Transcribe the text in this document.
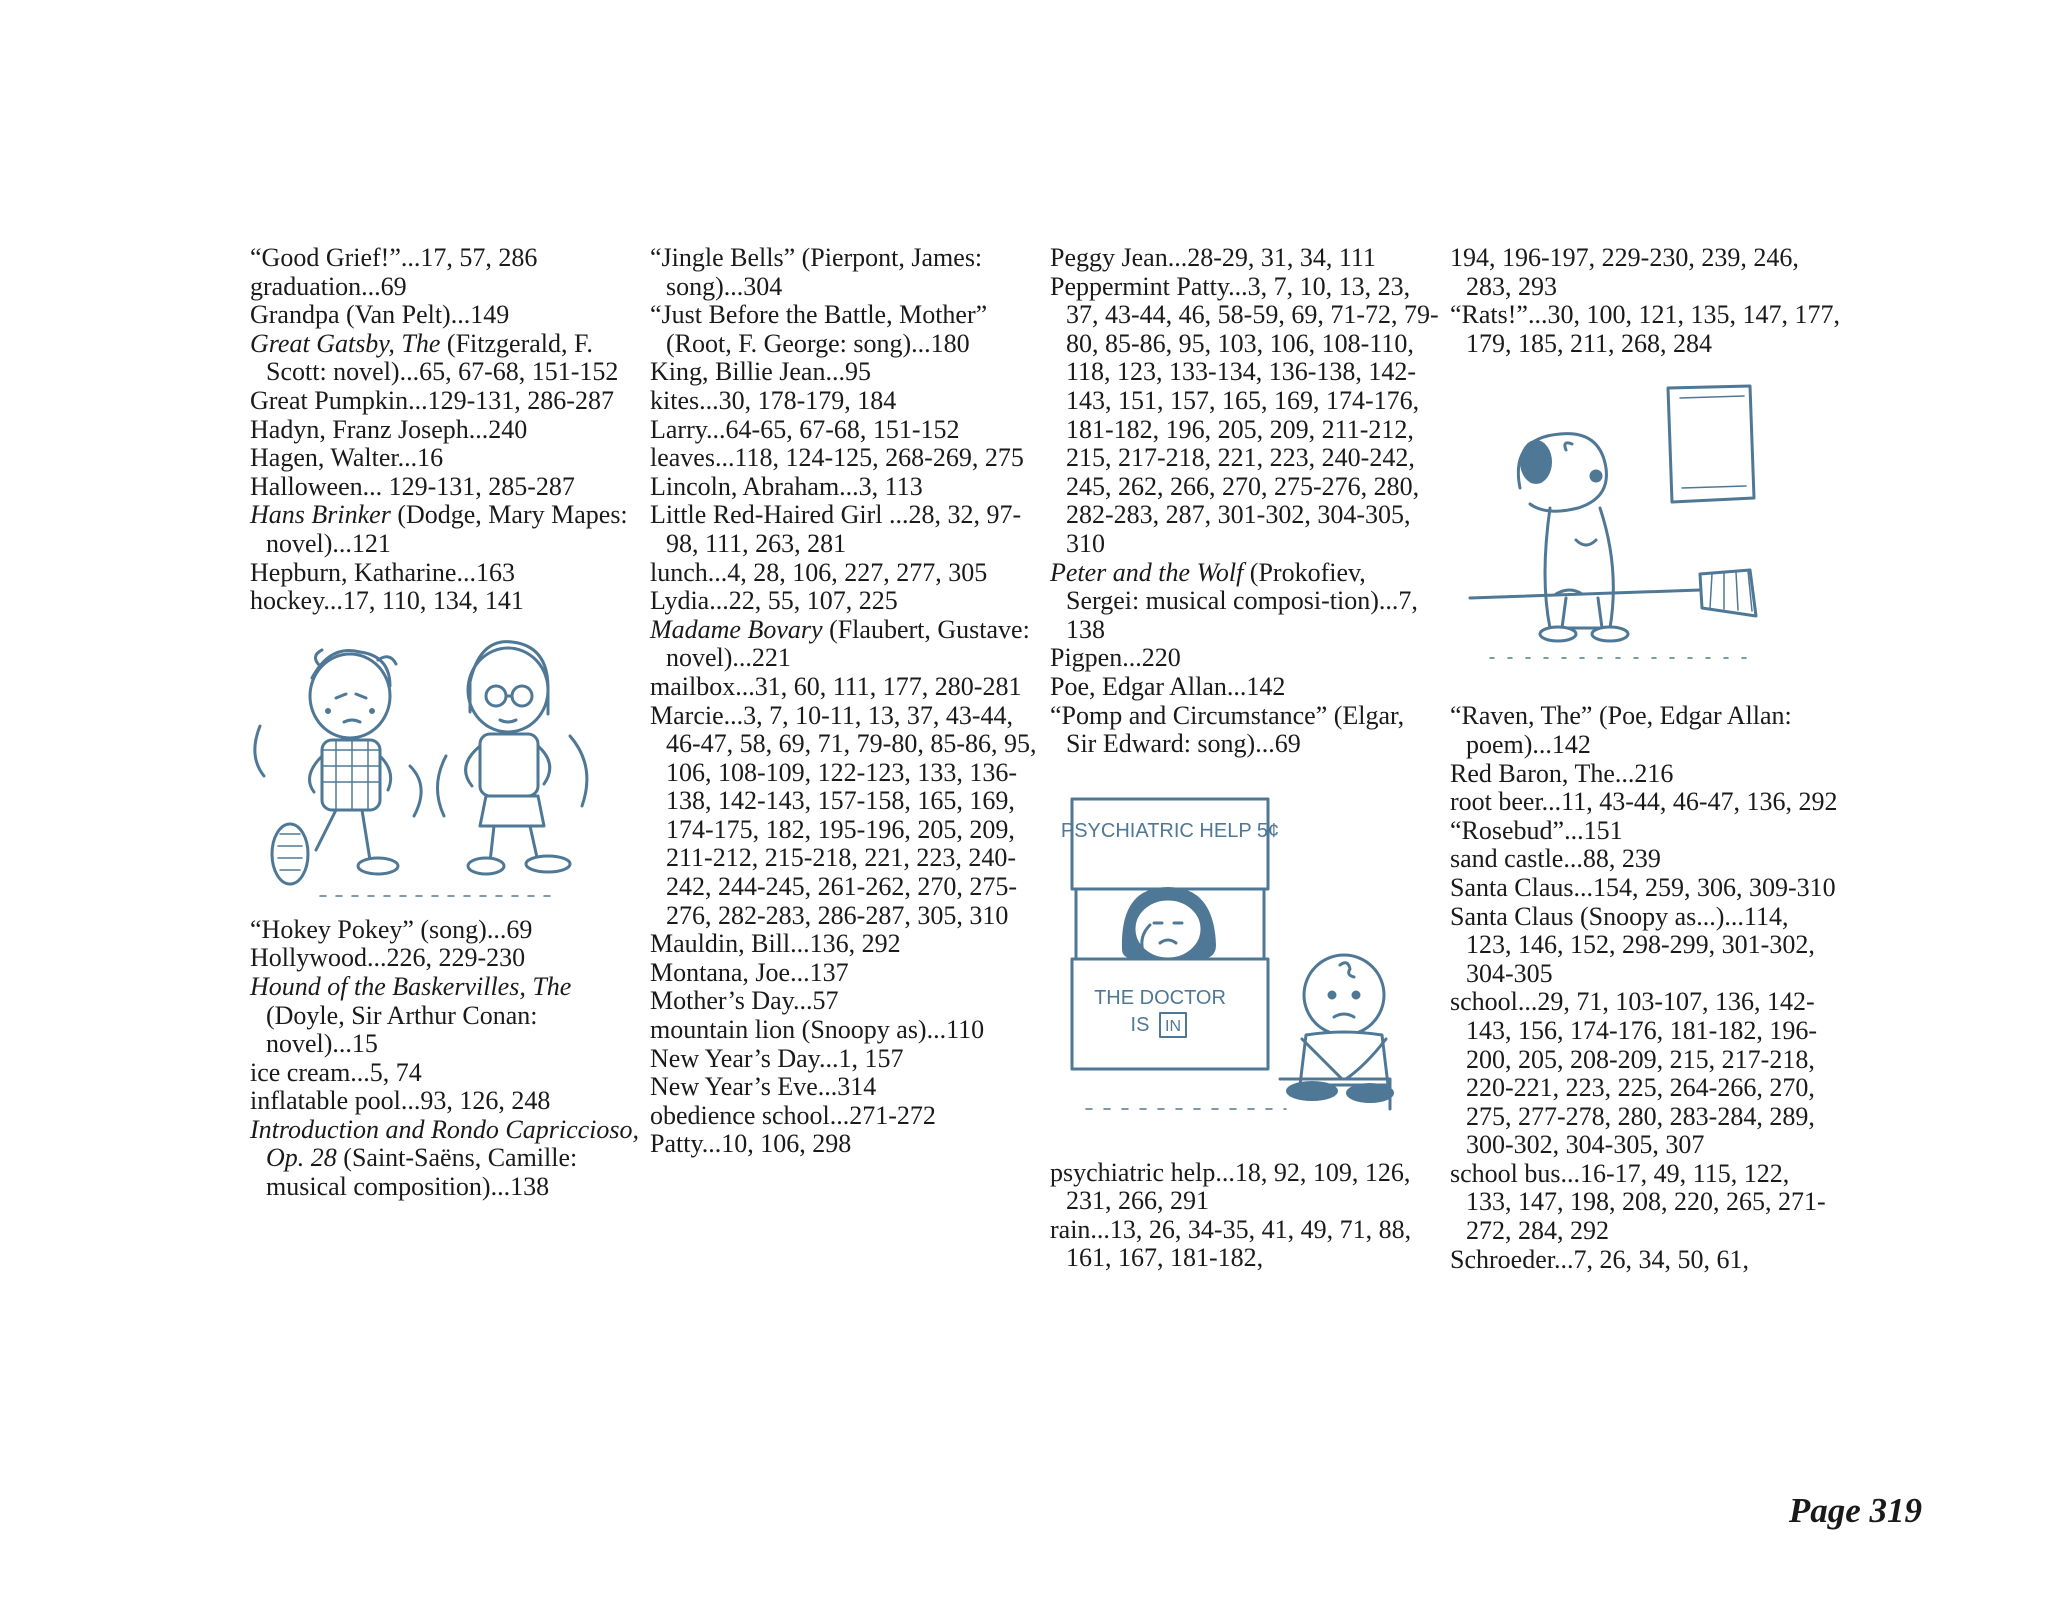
“Good Grief!”...17, 57, 286

graduation...69

Grandpa (Van Pelt)...149

Great Gatsby, The (Fitzgerald, F. Scott: novel)...65, 67-68, 151-152

Great Pumpkin...129-131, 286-287

Hadyn, Franz Joseph...240

Hagen, Walter...16

Halloween... 129-131, 285-287

Hans Brinker (Dodge, Mary Mapes: novel)...121

Hepburn, Katharine...163

hockey...17, 110, 134, 141

“Hokey Pokey” (song)...69

Hollywood...226, 229-230

Hound of the Baskervilles, The (Doyle, Sir Arthur Conan: novel)...15

ice cream...5, 74

inflatable pool...93, 126, 248

Introduction and Rondo Capriccioso, Op. 28 (Saint-Saëns, Camille: musical composition)...138

“Jingle Bells” (Pierpont, James: song)...304

“Just Before the Battle, Mother” (Root, F. George: song)...180

King, Billie Jean...95

kites...30, 178-179, 184

Larry...64-65, 67-68, 151-152

leaves...118, 124-125, 268-269, 275

Lincoln, Abraham...3, 113

Little Red-Haired Girl ...28, 32, 97-98, 111, 263, 281

lunch...4, 28, 106, 227, 277, 305

Lydia...22, 55, 107, 225

Madame Bovary (Flaubert, Gustave: novel)...221

mailbox...31, 60, 111, 177, 280-281

Marcie...3, 7, 10-11, 13, 37, 43-44, 46-47, 58, 69, 71, 79-80, 85-86, 95, 106, 108-109, 122-123, 133, 136-138, 142-143, 157-158, 165, 169, 174-175, 182, 195-196, 205, 209, 211-212, 215-218, 221, 223, 240-242, 244-245, 261-262, 270, 275-276, 282-283, 286-287, 305, 310

Mauldin, Bill...136, 292

Montana, Joe...137

Mother’s Day...57

mountain lion (Snoopy as)...110

New Year’s Day...1, 157

New Year’s Eve...314

obedience school...271-272

Patty...10, 106, 298

Peggy Jean...28-29, 31, 34, 111

Peppermint Patty...3, 7, 10, 13, 23, 37, 43-44, 46, 58-59, 69, 71-72, 79-80, 85-86, 95, 103, 106, 108-110, 118, 123, 133-134, 136-138, 142-143, 151, 157, 165, 169, 174-176, 181-182, 196, 205, 209, 211-212, 215, 217-218, 221, 223, 240-242, 245, 262, 266, 270, 275-276, 280, 282-283, 287, 301-302, 304-305, 310

Peter and the Wolf (Prokofiev, Sergei: musical composi-tion)...7, 138

Pigpen...220

Poe, Edgar Allan...142

“Pomp and Circumstance” (Elgar, Sir Edward: song)...69

PSYCHIATRIC HELP 5¢
THE DOCTOR
IS IN

psychiatric help...18, 92, 109, 126, 231, 266, 291

rain...13, 26, 34-35, 41, 49, 71, 88, 161, 167, 181-182,

194, 196-197, 229-230, 239, 246, 283, 293

“Rats!”...30, 100, 121, 135, 147, 177, 179, 185, 211, 268, 284

“Raven, The” (Poe, Edgar Allan: poem)...142

Red Baron, The...216

root beer...11, 43-44, 46-47, 136, 292

“Rosebud”...151

sand castle...88, 239

Santa Claus...154, 259, 306, 309-310

Santa Claus (Snoopy as...)...114, 123, 146, 152, 298-299, 301-302, 304-305

school...29, 71, 103-107, 136, 142-143, 156, 174-176, 181-182, 196-200, 205, 208-209, 215, 217-218, 220-221, 223, 225, 264-266, 270, 275, 277-278, 280, 283-284, 289, 300-302, 304-305, 307

school bus...16-17, 49, 115, 122, 133, 147, 198, 208, 220, 265, 271-272, 284, 292

Schroeder...7, 26, 34, 50, 61,

Page 319
